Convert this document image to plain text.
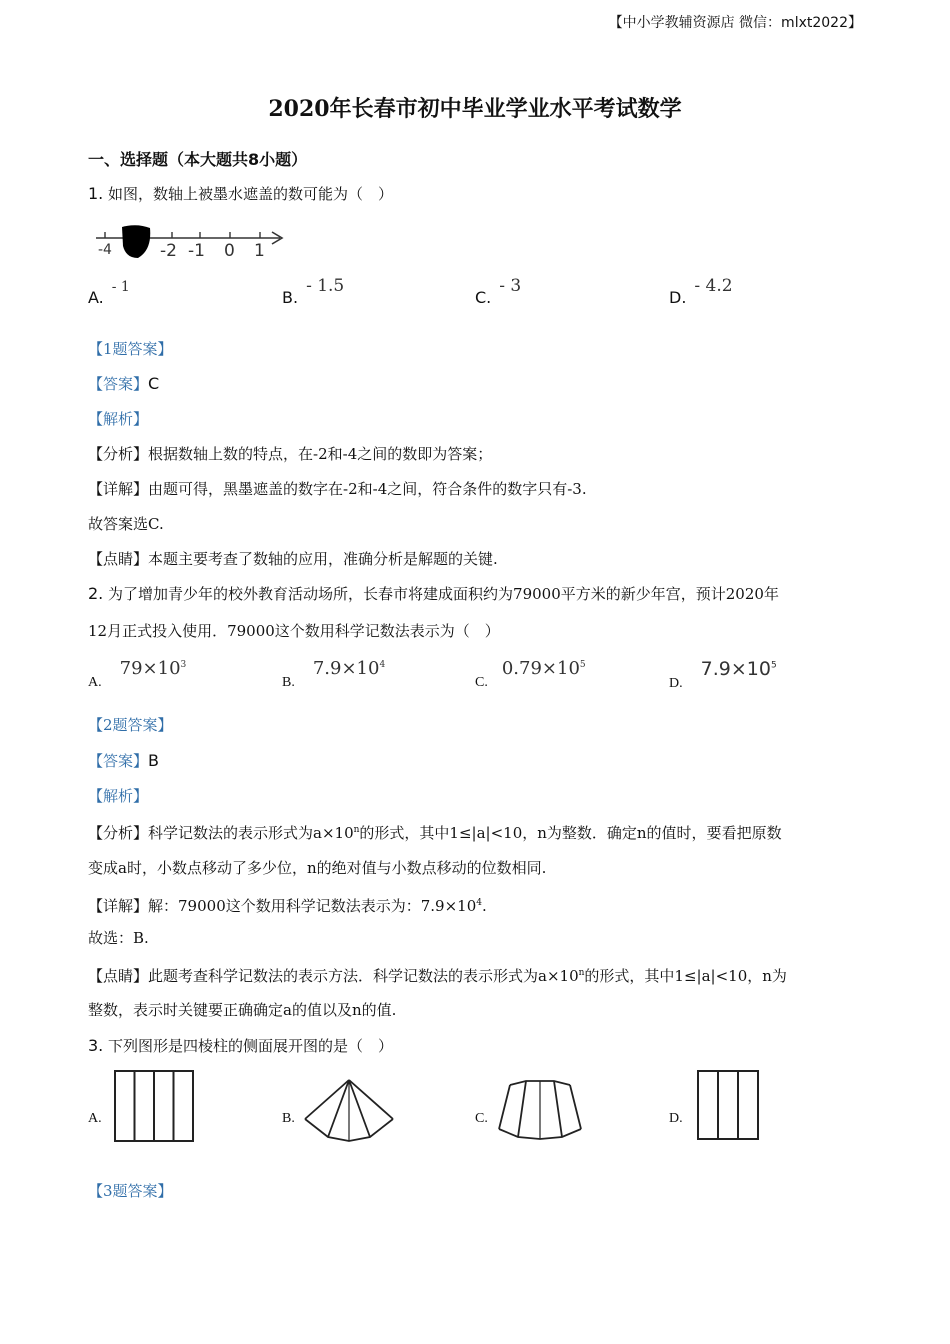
【中小学教辅资源店 微信：mlxt2022】
2020年长春市初中毕业学业水平考试数学
一、选择题（本大题共8小题）
1. 如图，数轴上被墨水遮盖的数可能为（　）
-4	-2 -1 0 1
A.- 1
B.- 1.5
C.- 3
D.- 4.2
【1题答案】
【答案】C
【解析】
【分析】根据数轴上数的特点，在-2和-4之间的数即为答案；
【详解】由题可得，黑墨遮盖的数字在-2和-4之间，符合条件的数字只有-3.
故答案选C.
【点睛】本题主要考查了数轴的应用，准确分析是解题的关键.
2. 为了增加青少年的校外教育活动场所，长春市将建成面积约为79000平方米的新少年宫，预计2020年
12月正式投入使用．79000这个数用科学记数法表示为（　）
$A.79\times 10^3$
$B.7.9\times 10^4$
$C.0.79\times 10^5$
$D.7.9\times 10^5$
【2题答案】
【答案】B
【解析】
【分析】科学记数法的表示形式为$a\times 10^n$的形式，其中1≤|a|<10，n为整数．确定n的值时，要看把原数
变成a时，小数点移动了多少位，n的绝对值与小数点移动的位数相同.
【详解】解：79000这个数用科学记数法表示为：$7.9\times 10^4$.
故选：B.
【点睛】此题考查科学记数法的表示方法．科学记数法的表示形式为$a\times 10^n$的形式，其中1≤|a|<10，n为
整数，表示时关键要正确确定a的值以及n的值.
3. 下列图形是四棱柱的侧面展开图的是（　）
A.	B.	C.	D.
【3题答案】
